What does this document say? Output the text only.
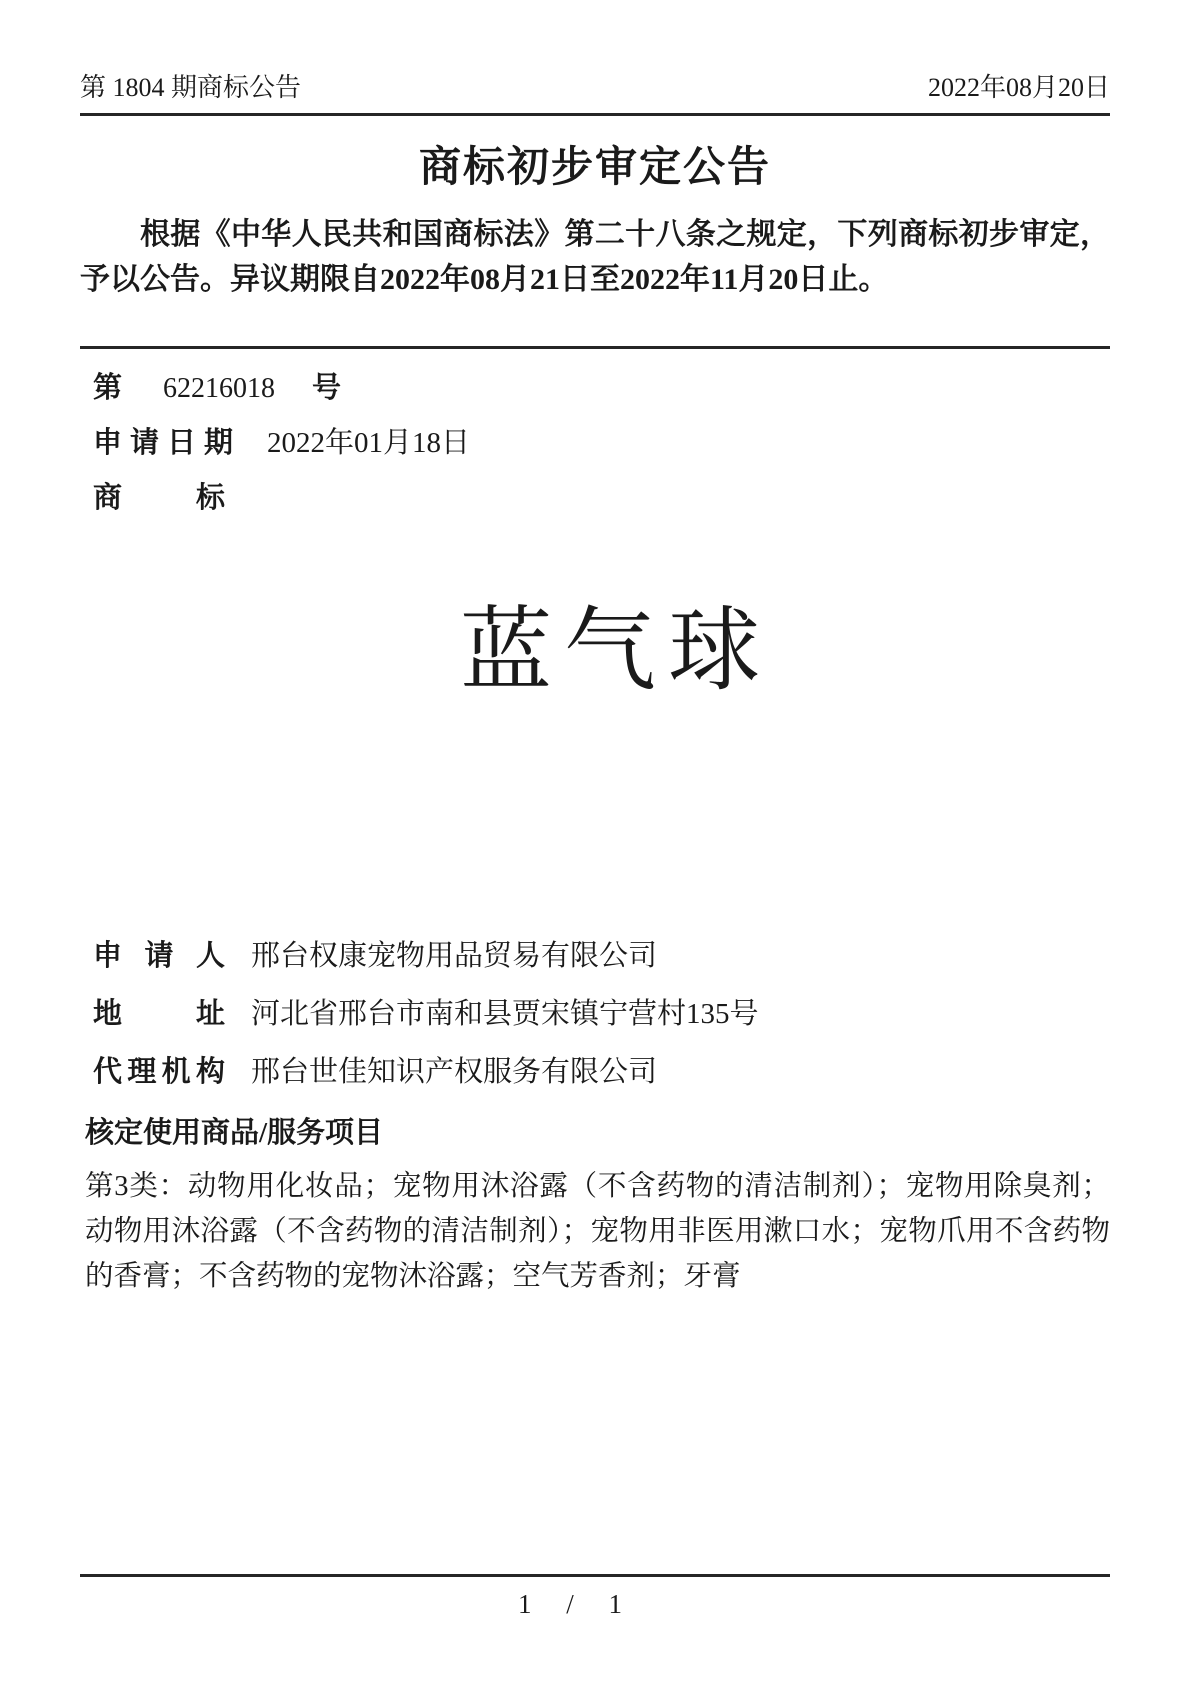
第 1804 期商标公告	2022年08月20日
商标初步审定公告
根据《中华人民共和国商标法》第二十八条之规定，下列商标初步审定，予以公告。异议期限自2022年08月21日至2022年11月20日止。
第 62216018 号
申请日期 2022年01月18日
商标
蓝气球
申请人 邢台权康宠物用品贸易有限公司
地址 河北省邢台市南和县贾宋镇宁营村135号
代理机构 邢台世佳知识产权服务有限公司
核定使用商品/服务项目
第3类：动物用化妆品；宠物用沐浴露（不含药物的清洁制剂）；宠物用除臭剂；动物用沐浴露（不含药物的清洁制剂）；宠物用非医用漱口水；宠物爪用不含药物的香膏；不含药物的宠物沐浴露；空气芳香剂；牙膏
1 / 1
